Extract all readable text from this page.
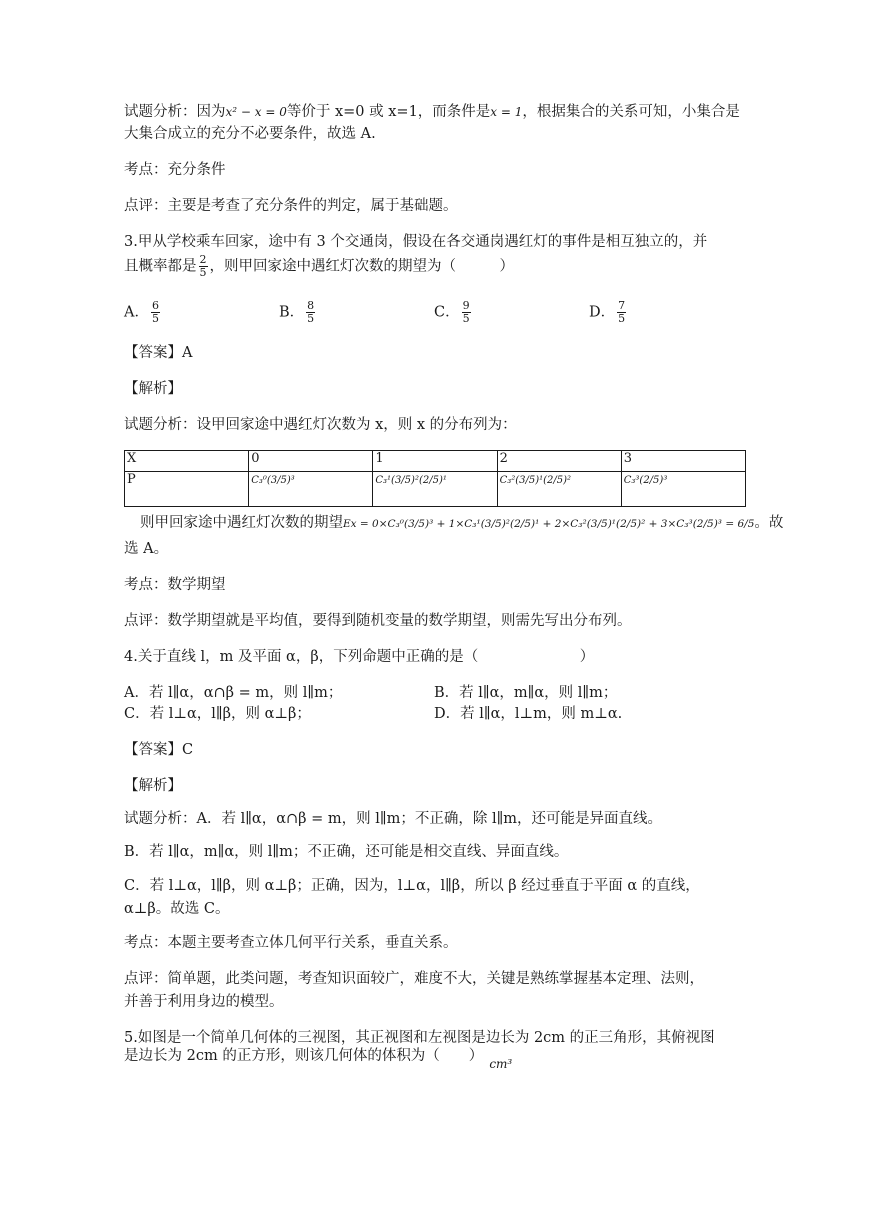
试题分析：因为x² − x = 0等价于 x=0 或 x=1，而条件是x = 1，根据集合的关系可知，小集合是
大集合成立的充分不必要条件，故选 A.
考点：充分条件
点评：主要是考查了充分条件的判定，属于基础题。
3.甲从学校乘车回家，途中有 3 个交通岗，假设在各交通岗遇红灯的事件是相互独立的，并
且概率都是 $\frac{2}{5}$ ，则甲回家途中遇红灯次数的期望为（　　　）
A． $\frac{6}{5}$	B． $\frac{8}{5}$	C． $\frac{9}{5}$	D． $\frac{7}{5}$
【答案】A
【解析】
试题分析：设甲回家途中遇红灯次数为 x，则 x 的分布列为：
X	0	1	2	3
P	C₃⁰(3/5)³	C₃¹(3/5)²(2/5)¹	C₃²(3/5)¹(2/5)²	C₃³(2/5)³
则甲回家途中遇红灯次数的期望Ex = 0×C₃⁰(3/5)³ + 1×C₃¹(3/5)²(2/5)¹ + 2×C₃²(3/5)¹(2/5)² + 3×C₃³(2/5)³ = 6/5。故
选 A。
考点：数学期望
点评：数学期望就是平均值，要得到随机变量的数学期望，则需先写出分布列。
4.关于直线 l，m 及平面 α，β，下列命题中正确的是（　　　　　　　）
A．若 l∥α，α∩β = m，则 l∥m；	B．若 l∥α，m∥α，则 l∥m；
C．若 l⊥α，l∥β，则 α⊥β；	D．若 l∥α，l⊥m，则 m⊥α.
【答案】C
【解析】
试题分析：A．若 l∥α，α∩β = m，则 l∥m；不正确，除 l∥m，还可能是异面直线。
B．若 l∥α，m∥α，则 l∥m；不正确，还可能是相交直线、异面直线。
C．若 l⊥α，l∥β，则 α⊥β；正确，因为，l⊥α，l∥β，所以 β 经过垂直于平面 α 的直线，
α⊥β。故选 C。
考点：本题主要考查立体几何平行关系，垂直关系。
点评：简单题，此类问题，考查知识面较广，难度不大，关键是熟练掌握基本定理、法则，
并善于利用身边的模型。
5.如图是一个简单几何体的三视图，其正视图和左视图是边长为 2cm 的正三角形，其俯视图
是边长为 2cm 的正方形，则该几何体的体积为（　　） $_{cm^3}$
